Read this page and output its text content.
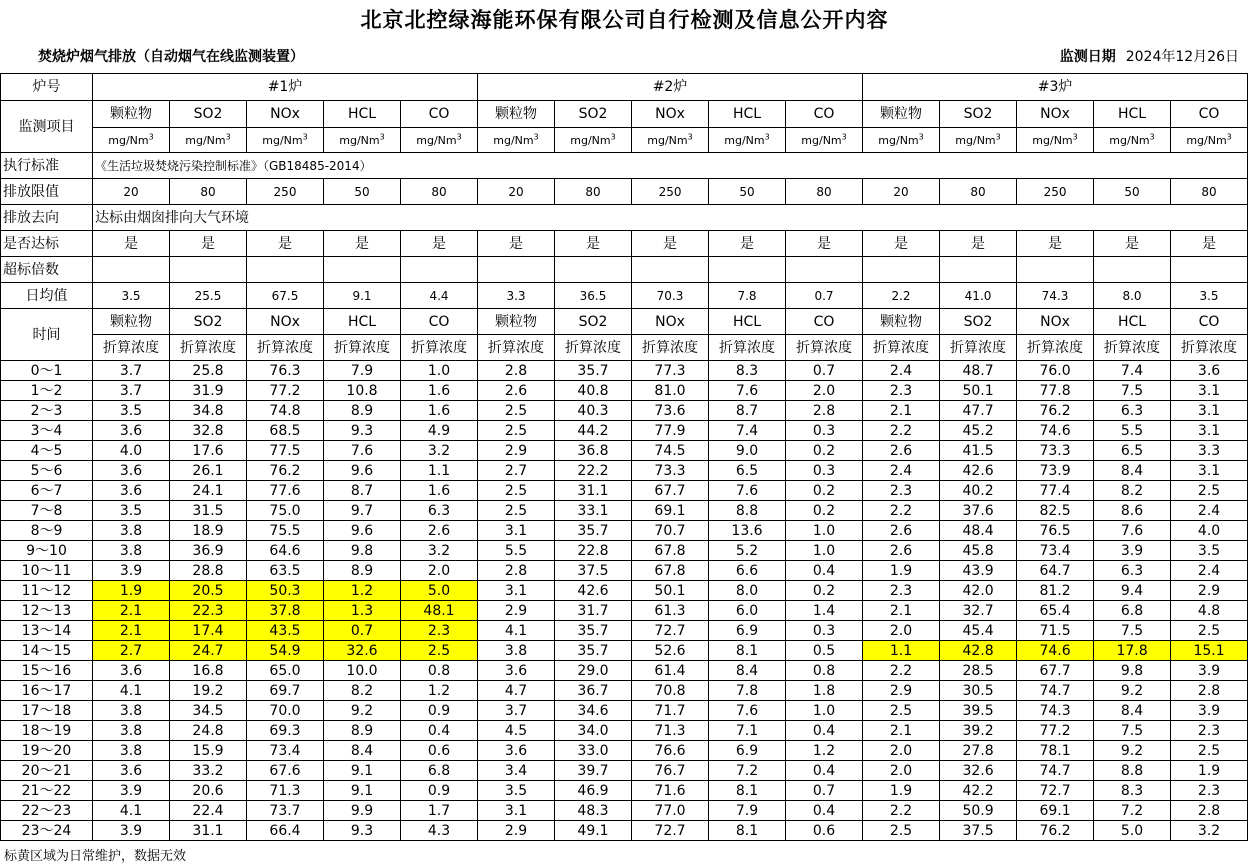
北京北控绿海能环保有限公司自行检测及信息公开内容
焚烧炉烟气排放（自动烟气在线监测装置）	监测日期 2024年12月26日
炉号	#1炉					#2炉					#3炉				
监测项目	颗粒物	SO2	NOx	HCL	CO	颗粒物	SO2	NOx	HCL	CO	颗粒物	SO2	NOx	HCL	CO
	mg/Nm$^3$	mg/Nm$^3$	mg/Nm$^3$	mg/Nm$^3$	mg/Nm$^3$	mg/Nm$^3$	mg/Nm$^3$	mg/Nm$^3$	mg/Nm$^3$	mg/Nm$^3$	mg/Nm$^3$	mg/Nm$^3$	mg/Nm$^3$	mg/Nm$^3$	mg/Nm$^3$
执行标准	《生活垃圾焚烧污染控制标准》（GB18485-2014）														
排放限值	20	80	250	50	80	20	80	250	50	80	20	80	250	50	80
排放去向	达标由烟囱排向大气环境														
是否达标	是	是	是	是	是	是	是	是	是	是	是	是	是	是	是
超标倍数															
日均值	3.5	25.5	67.5	9.1	4.4	3.3	36.5	70.3	7.8	0.7	2.2	41.0	74.3	8.0	3.5
时间	颗粒物	SO2	NOx	HCL	CO	颗粒物	SO2	NOx	HCL	CO	颗粒物	SO2	NOx	HCL	CO
	折算浓度	折算浓度	折算浓度	折算浓度	折算浓度	折算浓度	折算浓度	折算浓度	折算浓度	折算浓度	折算浓度	折算浓度	折算浓度	折算浓度	折算浓度
0～1	3.7	25.8	76.3	7.9	1.0	2.8	35.7	77.3	8.3	0.7	2.4	48.7	76.0	7.4	3.6
1～2	3.7	31.9	77.2	10.8	1.6	2.6	40.8	81.0	7.6	2.0	2.3	50.1	77.8	7.5	3.1
2～3	3.5	34.8	74.8	8.9	1.6	2.5	40.3	73.6	8.7	2.8	2.1	47.7	76.2	6.3	3.1
3～4	3.6	32.8	68.5	9.3	4.9	2.5	44.2	77.9	7.4	0.3	2.2	45.2	74.6	5.5	3.1
4～5	4.0	17.6	77.5	7.6	3.2	2.9	36.8	74.5	9.0	0.2	2.6	41.5	73.3	6.5	3.3
5～6	3.6	26.1	76.2	9.6	1.1	2.7	22.2	73.3	6.5	0.3	2.4	42.6	73.9	8.4	3.1
6～7	3.6	24.1	77.6	8.7	1.6	2.5	31.1	67.7	7.6	0.2	2.3	40.2	77.4	8.2	2.5
7～8	3.5	31.5	75.0	9.7	6.3	2.5	33.1	69.1	8.8	0.2	2.2	37.6	82.5	8.6	2.4
8～9	3.8	18.9	75.5	9.6	2.6	3.1	35.7	70.7	13.6	1.0	2.6	48.4	76.5	7.6	4.0
9～10	3.8	36.9	64.6	9.8	3.2	5.5	22.8	67.8	5.2	1.0	2.6	45.8	73.4	3.9	3.5
10～11	3.9	28.8	63.5	8.9	2.0	2.8	37.5	67.8	6.6	0.4	1.9	43.9	64.7	6.3	2.4
11～12	1.9	20.5	50.3	1.2	5.0	3.1	42.6	50.1	8.0	0.2	2.3	42.0	81.2	9.4	2.9
12～13	2.1	22.3	37.8	1.3	48.1	2.9	31.7	61.3	6.0	1.4	2.1	32.7	65.4	6.8	4.8
13～14	2.1	17.4	43.5	0.7	2.3	4.1	35.7	72.7	6.9	0.3	2.0	45.4	71.5	7.5	2.5
14～15	2.7	24.7	54.9	32.6	2.5	3.8	35.7	52.6	8.1	0.5	1.1	42.8	74.6	17.8	15.1
15～16	3.6	16.8	65.0	10.0	0.8	3.6	29.0	61.4	8.4	0.8	2.2	28.5	67.7	9.8	3.9
16～17	4.1	19.2	69.7	8.2	1.2	4.7	36.7	70.8	7.8	1.8	2.9	30.5	74.7	9.2	2.8
17～18	3.8	34.5	70.0	9.2	0.9	3.7	34.6	71.7	7.6	1.0	2.5	39.5	74.3	8.4	3.9
18～19	3.8	24.8	69.3	8.9	0.4	4.5	34.0	71.3	7.1	0.4	2.1	39.2	77.2	7.5	2.3
19～20	3.8	15.9	73.4	8.4	0.6	3.6	33.0	76.6	6.9	1.2	2.0	27.8	78.1	9.2	2.5
20～21	3.6	33.2	67.6	9.1	6.8	3.4	39.7	76.7	7.2	0.4	2.0	32.6	74.7	8.8	1.9
21～22	3.9	20.6	71.3	9.1	0.9	3.5	46.9	71.6	8.1	0.7	1.9	42.2	72.7	8.3	2.3
22～23	4.1	22.4	73.7	9.9	1.7	3.1	48.3	77.0	7.9	0.4	2.2	50.9	69.1	7.2	2.8
23～24	3.9	31.1	66.4	9.3	4.3	2.9	49.1	72.7	8.1	0.6	2.5	37.5	76.2	5.0	3.2
标黄区域为日常维护，数据无效
